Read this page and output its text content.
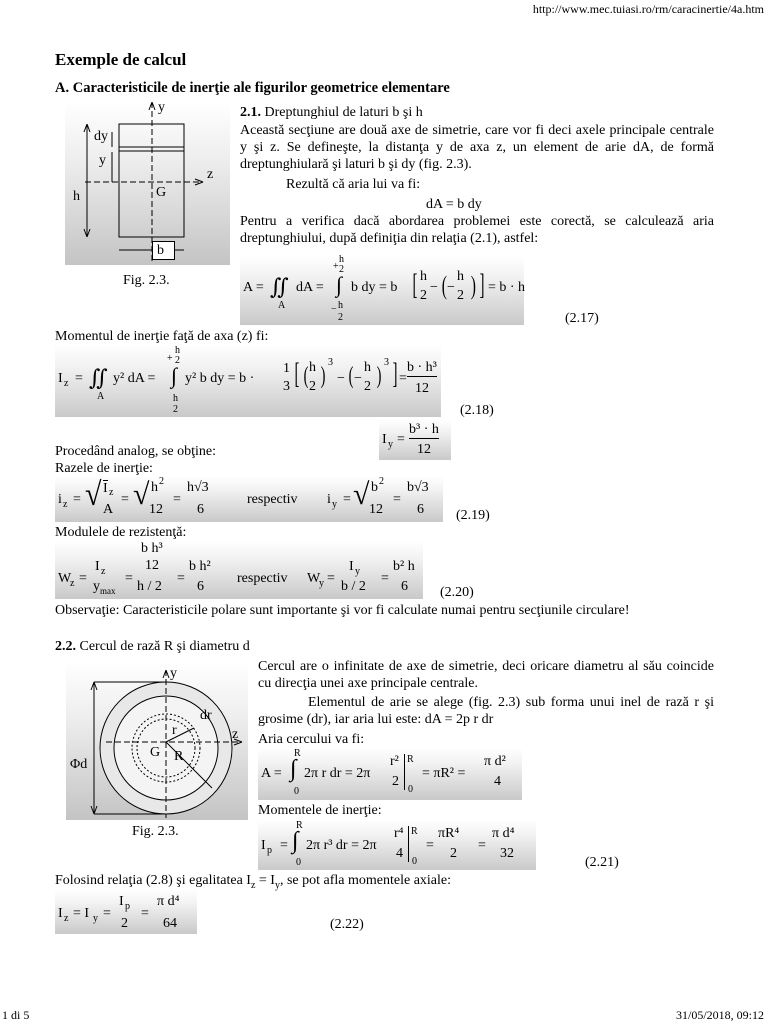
http://www.mec.tuiasi.ro/rm/caracinertie/4a.htm
1 di 5	31/05/2018, 09:12
Exemple de calcul
A. Caracteristicile de inerţie ale figurilor geometrice elementare
y
dy
y
z
G
h
b
Fig. 2.3.
2.1. Dreptunghiul de laturi b şi h
Această secţiune are două axe de simetrie, care vor fi deci axele principale centrale y şi z. Se defineşte, la distanţa y de axa z, un element de arie dA, de formă dreptunghiulară şi laturi b şi dy (fig. 2.3).
Rezultă că aria lui va fi:
dA = b dy
Pentru a verifica dacă abordarea problemei este corectă, se calculează aria dreptunghiului, după definiţia din relaţia (2.1), astfel:
A = ∬
A
dA =
+
h
2
∫
− h
2
b dy = b [ h
2
− ( −
h
2 ) ] = b · h
(2.17)
Momentul de inerţie faţă de axa (z) fi:
I z = ∬
A
y² dA =
+
h
2
∫
h
2
y² b dy = b ·
1
3 [ ( h
2 )
3
− ( −
h
2 )
3 ] =
b · h³
12
(2.18)
I y =
b³ · h
12
Procedând analog, se obţine:
Razele de inerţie:
i z = √ I z
A
= √ h 2
12
=
h√3
6
respectiv i y = √ b 2
12
=
b√3
6 (2.19)
Modulele de rezistenţă:
W
z =
I z
y max
=
b h³
12
h / 2
=
b h²
6
respectiv W
y =
I y
b / 2
=
b² h
6 (2.20)
Observaţie: Caracteristicile polare sunt importante şi vor fi calculate numai pentru secţiunile circulare!
2.2. Cercul de rază R şi diametru d
y
dr
r	z
G R
Φd
Fig. 2.3.
Cercul are o infinitate de axe de simetrie, deci oricare diametru al său coincide cu direcţia unei axe principale centrale.
Elementul de arie se alege (fig. 2.3) sub forma unui inel de rază r şi grosime (dr), iar aria lui este: dA = 2p r dr
Aria cercului va fi:
A =
R
∫
0
2π r dr = 2π
r²
2
R
0
= πR² =
π d²
4
Momentele de inerţie:
I p =
R
∫
0
2π r³ dr = 2π
r⁴
4
R
0
=
πR⁴
2
=
π d⁴
32
(2.21)
Folosind relaţia (2.8) şi egalitatea $I_z = I_y$, se pot afla momentele axiale:
I z = I y =
I p
2
=
π d⁴
64	(2.22)
